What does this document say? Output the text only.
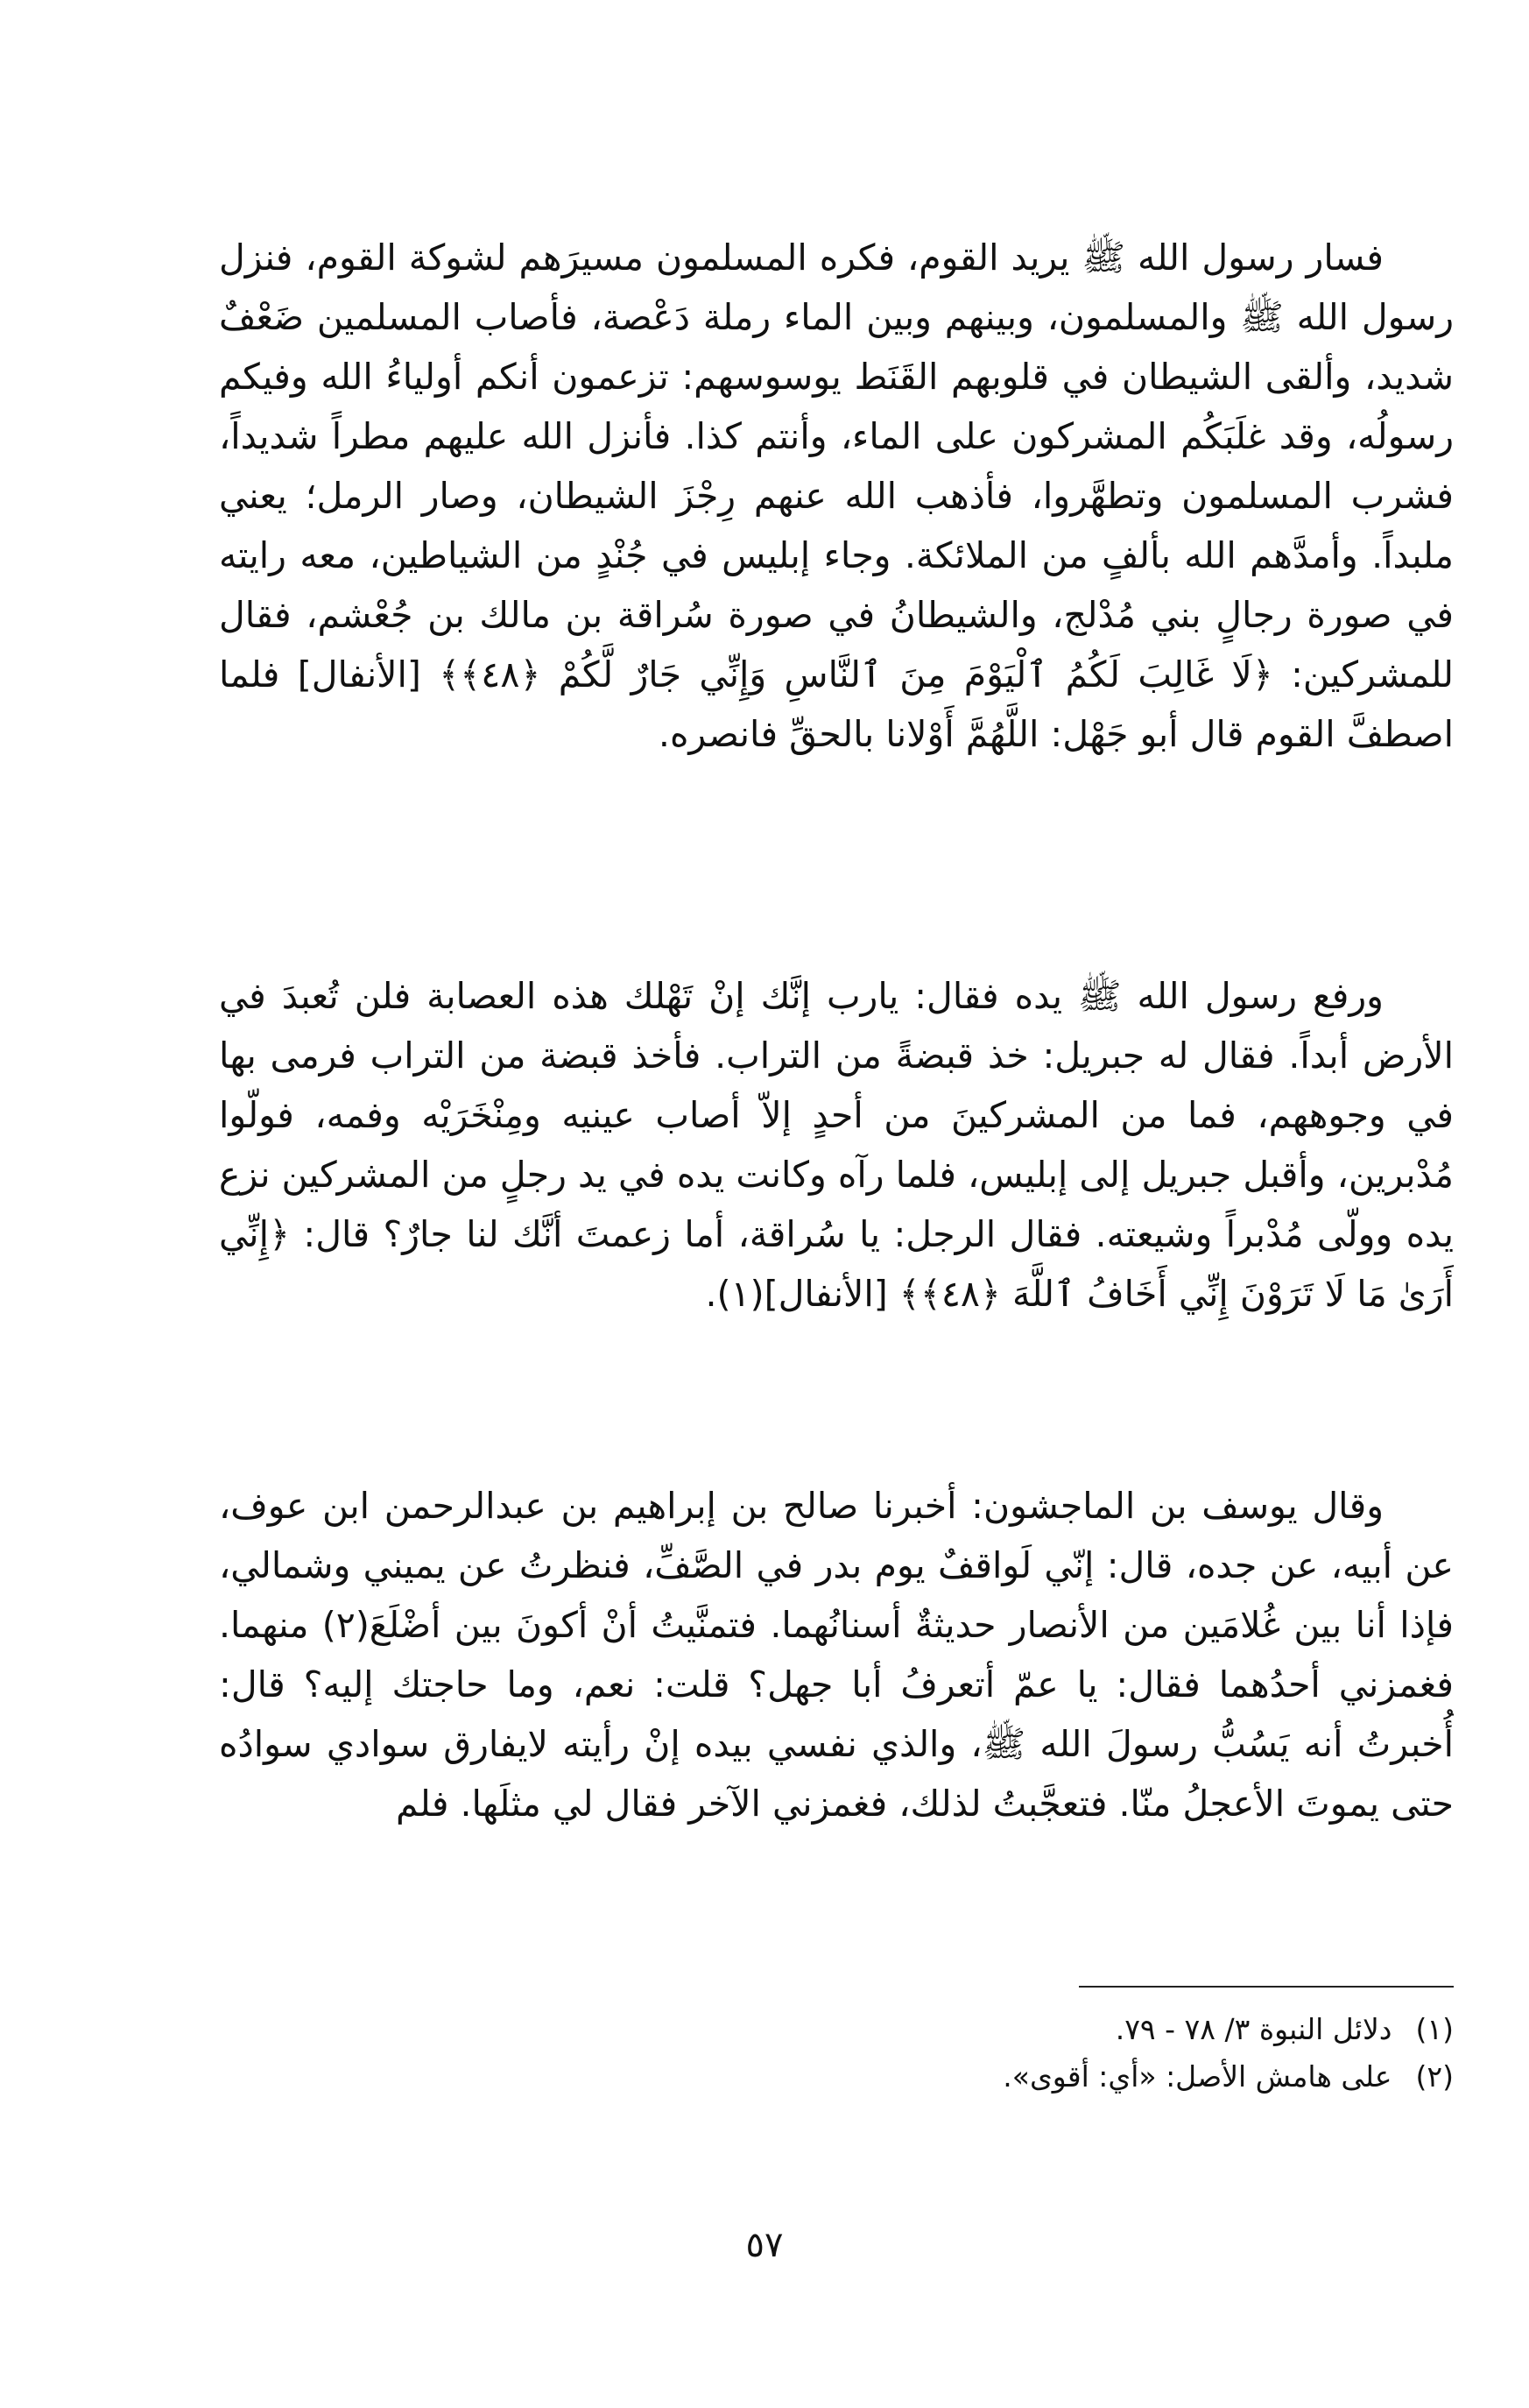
فسار رسول الله ﷺ يريد القوم، فكره المسلمون مسيرَهم لشوكة القوم، فنزل رسول الله ﷺ والمسلمون، وبينهم وبين الماء رملة دَعْصة، فأصاب المسلمين ضَعْفٌ شديد، وألقى الشيطان في قلوبهم القَنَط يوسوسهم: تزعمون أنكم أولياءُ الله وفيكم رسولُه، وقد غلَبَكُم المشركون على الماء، وأنتم كذا. فأنزل الله عليهم مطراً شديداً، فشرب المسلمون وتطهَّروا، فأذهب الله عنهم رِجْزَ الشيطان، وصار الرمل؛ يعني ملبداً. وأمدَّهم الله بألفٍ من الملائكة. وجاء إبليس في جُنْدٍ من الشياطين، معه رايته في صورة رجالٍ بني مُدْلج، والشيطانُ في صورة سُراقة بن مالك بن جُعْشم، فقال للمشركين: ﴿لَا غَالِبَ لَكُمُ ٱلْيَوْمَ مِنَ ٱلنَّاسِ وَإِنِّي جَارٌ لَّكُمْ ﴿٤٨﴾﴾ [الأنفال] فلما اصطفَّ القوم قال أبو جَهْل: اللَّهُمَّ أَوْلانا بالحقِّ فانصره.

ورفع رسول الله ﷺ يده فقال: يارب إنَّك إنْ تَهْلك هذه العصابة فلن تُعبدَ في الأرض أبداً. فقال له جبريل: خذ قبضةً من التراب. فأخذ قبضة من التراب فرمى بها في وجوههم، فما من المشركينَ من أحدٍ إلاّ أصاب عينيه ومِنْخَرَيْه وفمه، فولّوا مُدْبرين، وأقبل جبريل إلى إبليس، فلما رآه وكانت يده في يد رجلٍ من المشركين نزع يده وولّى مُدْبراً وشيعته. فقال الرجل: يا سُراقة، أما زعمتَ أنَّك لنا جارٌ؟ قال: ﴿إِنِّي أَرَىٰ مَا لَا تَرَوْنَ إِنِّي أَخَافُ ٱللَّهَ ﴿٤٨﴾﴾ [الأنفال](١).

وقال يوسف بن الماجشون: أخبرنا صالح بن إبراهيم بن عبدالرحمن ابن عوف، عن أبيه، عن جده، قال: إنّي لَواقفٌ يوم بدر في الصَّفِّ، فنظرتُ عن يميني وشمالي، فإذا أنا بين غُلامَين من الأنصار حديثةٌ أسنانُهما. فتمنَّيتُ أنْ أكونَ بين أضْلَعَ(٢) منهما. فغمزني أحدُهما فقال: يا عمّ أتعرفُ أبا جهل؟ قلت: نعم، وما حاجتك إليه؟ قال: أُخبرتُ أنه يَسُبُّ رسولَ الله ﷺ، والذي نفسي بيده إنْ رأيته لايفارق سوادي سوادُه حتى يموتَ الأعجلُ منّا. فتعجَّبتُ لذلك، فغمزني الآخر فقال لي مثلَها. فلم

(١) دلائل النبوة ٣/ ٧٨ - ٧٩.
(٢) على هامش الأصل: «أي: أقوى».
٥٧
